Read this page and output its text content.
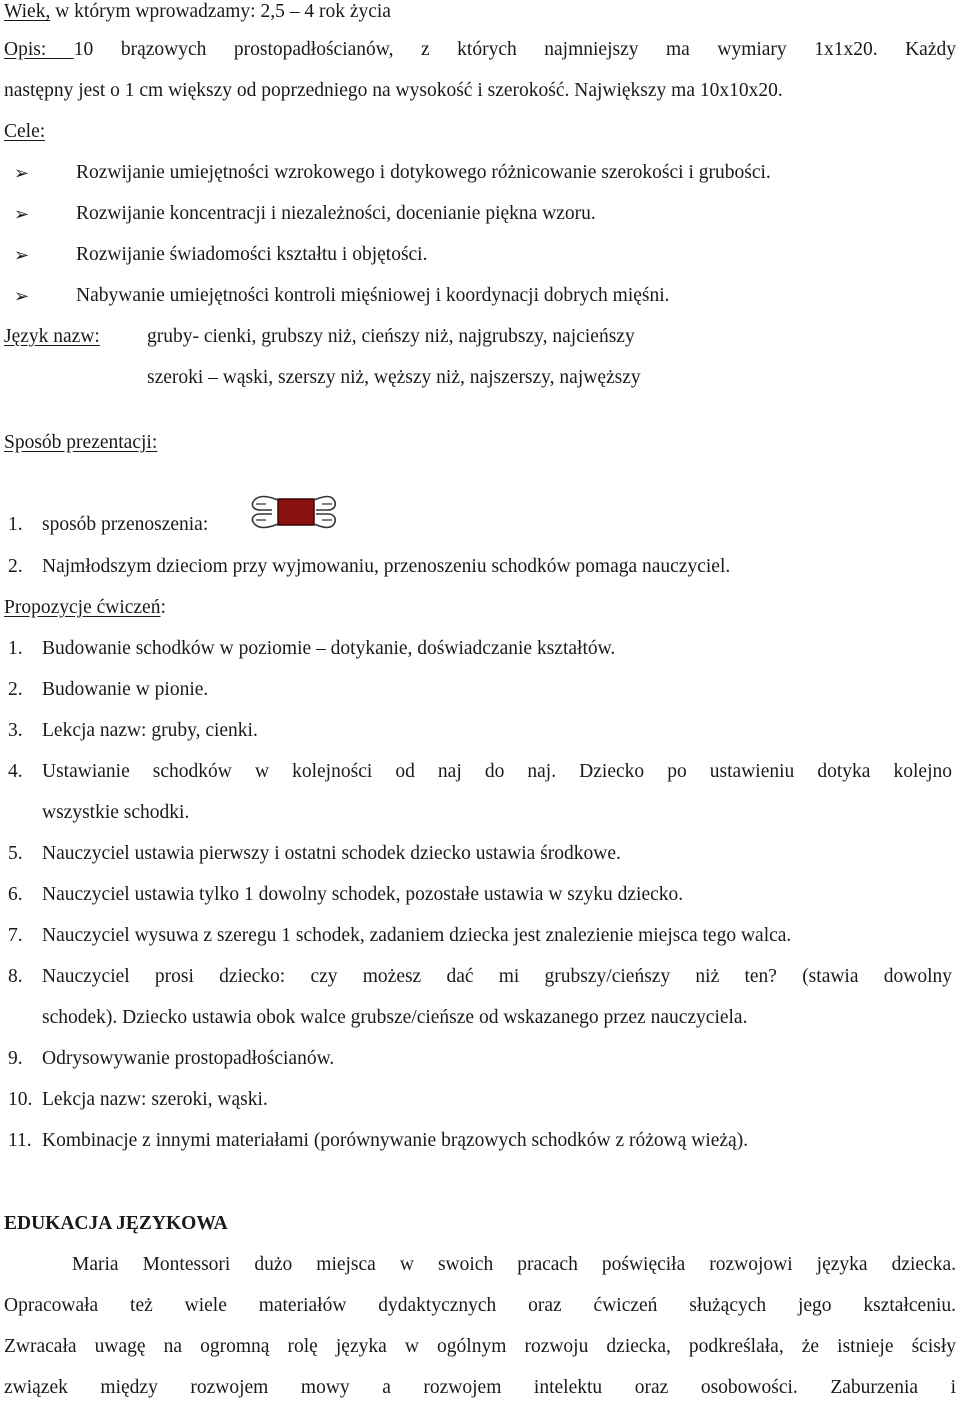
Wiek, w którym wprowadzamy: 2,5 – 4 rok życia
Opis: 10 brązowych prostopadłościanów, z których najmniejszy ma wymiary 1x1x20. Każdy
następny jest o 1 cm większy od poprzedniego na wysokość i szerokość. Największy ma 10x10x20.
Cele:
➢ Rozwijanie umiejętności wzrokowego i dotykowego różnicowanie szerokości i grubości.
➢ Rozwijanie koncentracji i niezależności, docenianie piękna wzoru.
➢ Rozwijanie świadomości kształtu i objętości.
➢ Nabywanie umiejętności kontroli mięśniowej i koordynacji dobrych mięśni.
Język nazw: gruby- cienki, grubszy niż, cieńszy niż, najgrubszy, najcieńszy
szeroki – wąski, szerszy niż, węższy niż, najszerszy, najwęższy
Sposób prezentacji:
1. sposób przenoszenia:
2. Najmłodszym dzieciom przy wyjmowaniu, przenoszeniu schodków pomaga nauczyciel.
Propozycje ćwiczeń:
1. Budowanie schodków w poziomie – dotykanie, doświadczanie kształtów.
2. Budowanie w pionie.
3. Lekcja nazw: gruby, cienki.
4. Ustawianie schodków w kolejności od naj do naj. Dziecko po ustawieniu dotyka kolejno
wszystkie schodki.
5. Nauczyciel ustawia pierwszy i ostatni schodek dziecko ustawia środkowe.
6. Nauczyciel ustawia tylko 1 dowolny schodek, pozostałe ustawia w szyku dziecko.
7. Nauczyciel wysuwa z szeregu 1 schodek, zadaniem dziecka jest znalezienie miejsca tego walca.
8. Nauczyciel prosi dziecko: czy możesz dać mi grubszy/cieńszy niż ten? (stawia dowolny
schodek). Dziecko ustawia obok walce grubsze/cieńsze od wskazanego przez nauczyciela.
9. Odrysowywanie prostopadłościanów.
10. Lekcja nazw: szeroki, wąski.
11. Kombinacje z innymi materiałami (porównywanie brązowych schodków z różową wieżą).
EDUKACJA JĘZYKOWA
Maria Montessori dużo miejsca w swoich pracach poświęciła rozwojowi języka dziecka.
Opracowała też wiele materiałów dydaktycznych oraz ćwiczeń służących jego kształceniu.
Zwracała uwagę na ogromną rolę języka w ogólnym rozwoju dziecka, podkreślała, że istnieje ścisły
związek między rozwojem mowy a rozwojem intelektu oraz osobowości. Zaburzenia i
